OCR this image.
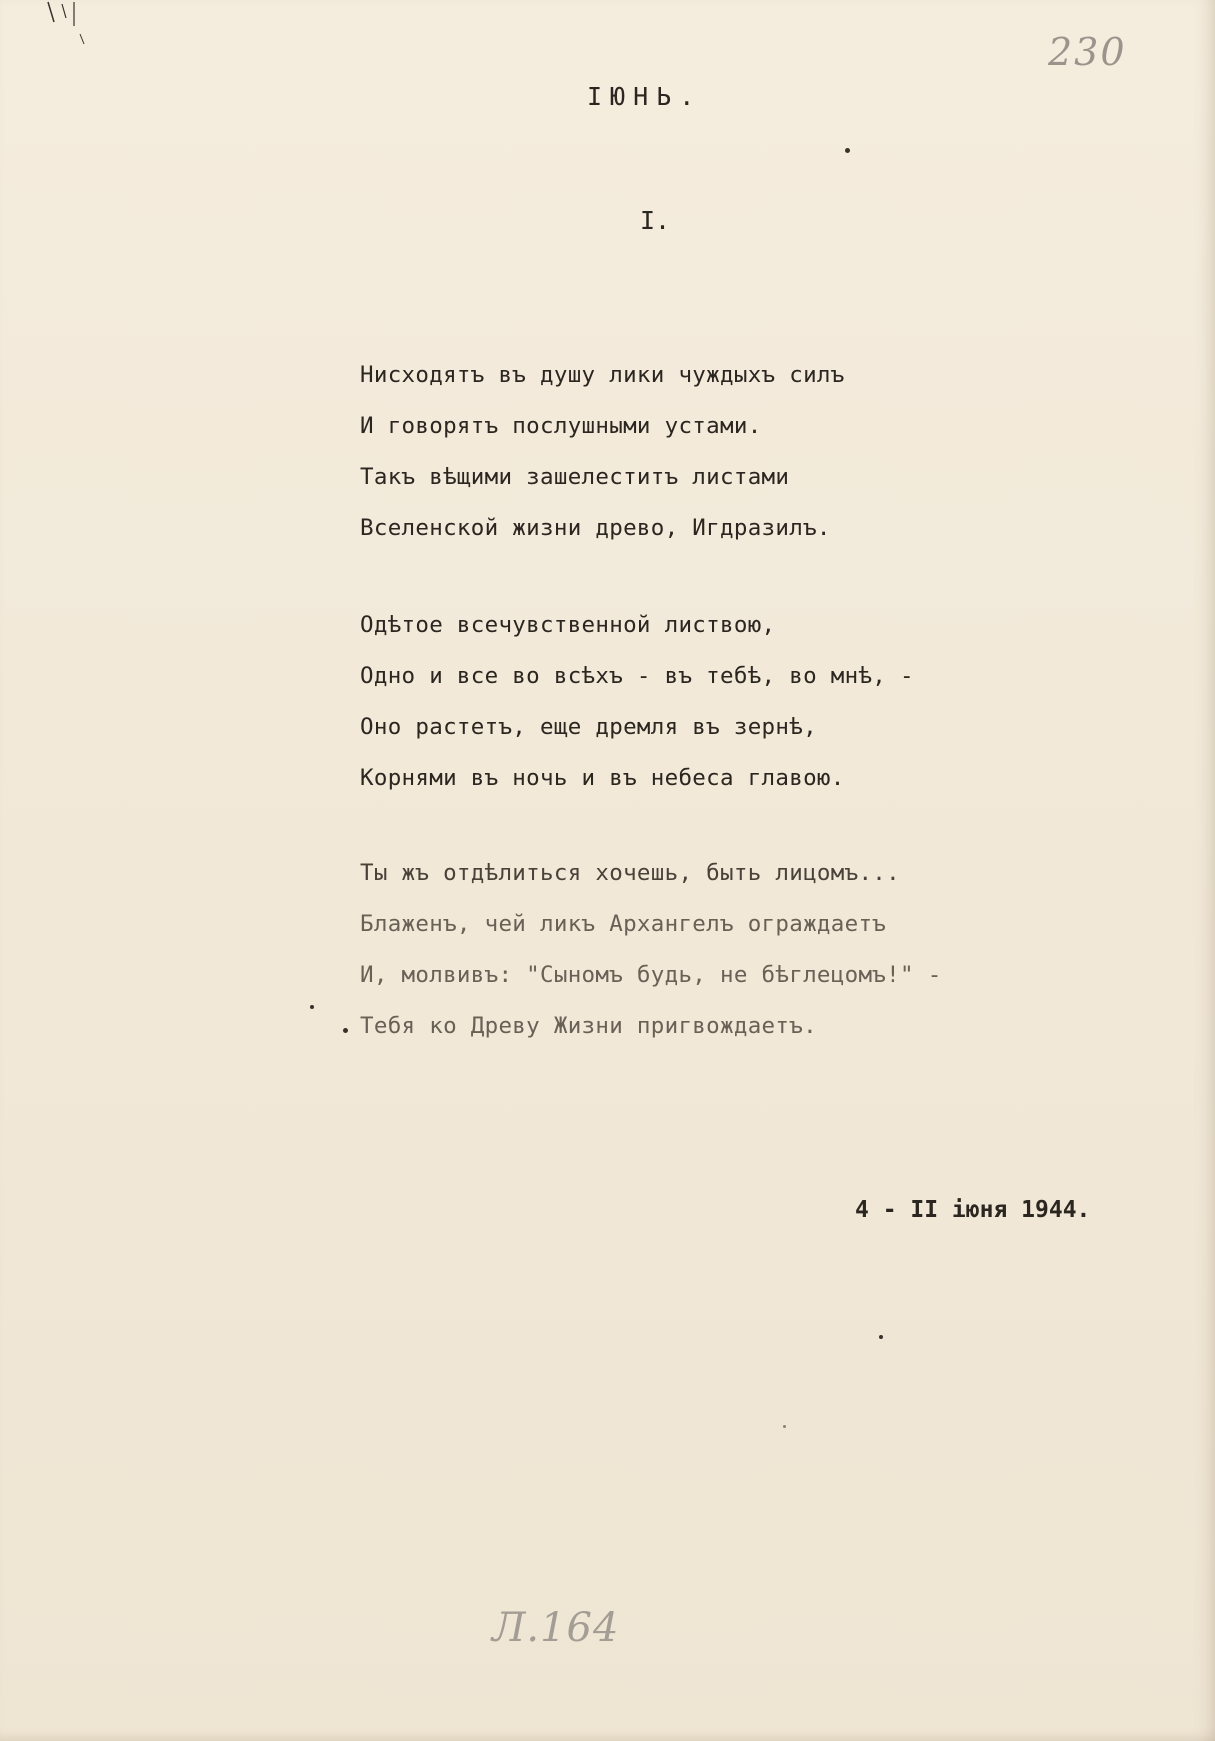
230
ІЮНЬ.
I.
Нисходятъ въ душу лики чуждыхъ силъ
И говорятъ послушными устами.
Такъ вѣщими зашелеститъ листами
Вселенской жизни древо, Игдразилъ.
Одѣтое всечувственной листвою,
Одно и все во всѣхъ - въ тебѣ, во мнѣ, -
Оно растетъ, еще дремля въ зернѣ,
Корнями въ ночь и въ небеса главою.
Ты жъ отдѣлиться хочешь, быть лицомъ...
Блаженъ, чей ликъ Архангелъ ограждаетъ
И, молвивъ: "Сыномъ будь, не бѣглецомъ!" -
Тебя ко Древу Жизни пригвождаетъ.
4 - II іюня 1944.
Л.164
